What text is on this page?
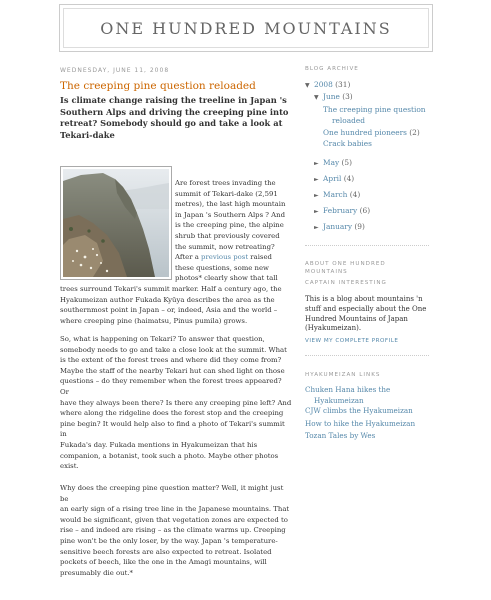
ONE HUNDRED MOUNTAINS
WEDNESDAY, JUNE 11, 2008
The creeping pine question reloaded
Is climate change raising the treeline in Japan 's Southern Alps and driving the creeping pine into retreat? Somebody should go and take a look at Tekari-dake
Are forest trees invading the
summit of Tekari-dake (2,591
metres), the last high mountain
in Japan 's Southern Alps ? And
is the creeping pine, the alpine
shrub that previously covered
the summit, now retreating?
After a previous post raised
these questions, some new
photos* clearly show that tall
trees surround Tekari's summit marker. Half a century ago, the
Hyakumeizan author Fukada Kyūya describes the area as the
southernmost point in Japan – or, indeed, Asia and the world –
where creeping pine (haimatsu, Pinus pumila) grows.
So, what is happening on Tekari? To answer that question,
somebody needs to go and take a close look at the summit. What
is the extent of the forest trees and where did they come from?
Maybe the staff of the nearby Tekari hut can shed light on those
questions – do they remember when the forest trees appeared? Or
have they always been there? Is there any creeping pine left? And
where along the ridgeline does the forest stop and the creeping
pine begin? It would help also to find a photo of Tekari's summit in
Fukada's day. Fukada mentions in Hyakumeizan that his
companion, a botanist, took such a photo. Maybe other photos
exist.
Why does the creeping pine question matter? Well, it might just be
an early sign of a rising tree line in the Japanese mountains. That
would be significant, given that vegetation zones are expected to
rise – and indeed are rising – as the climate warms up. Creeping
pine won't be the only loser, by the way. Japan 's temperature-
sensitive beech forests are also expected to retreat. Isolated
pockets of beech, like the one in the Amagi mountains, will
presumably die out.*
BLOG ARCHIVE
▼ 2008 (31)
▼ June (3)
The creeping pine question
reloaded
One hundred pioneers (2)
Crack babies
► May (5)
► April (4)
► March (4)
► February (6)
► January (9)
ABOUT ONE HUNDRED
MOUNTAINS
CAPTAIN INTERESTING
This is a blog about mountains 'n
stuff and especially about the One
Hundred Mountains of Japan
(Hyakumeizan).
VIEW MY COMPLETE PROFILE
HYAKUMEIZAN LINKS
Chuken Hana hikes the
Hyakumeizan
CJW climbs the Hyakumeizan
How to hike the Hyakumeizan
Tozan Tales by Wes
